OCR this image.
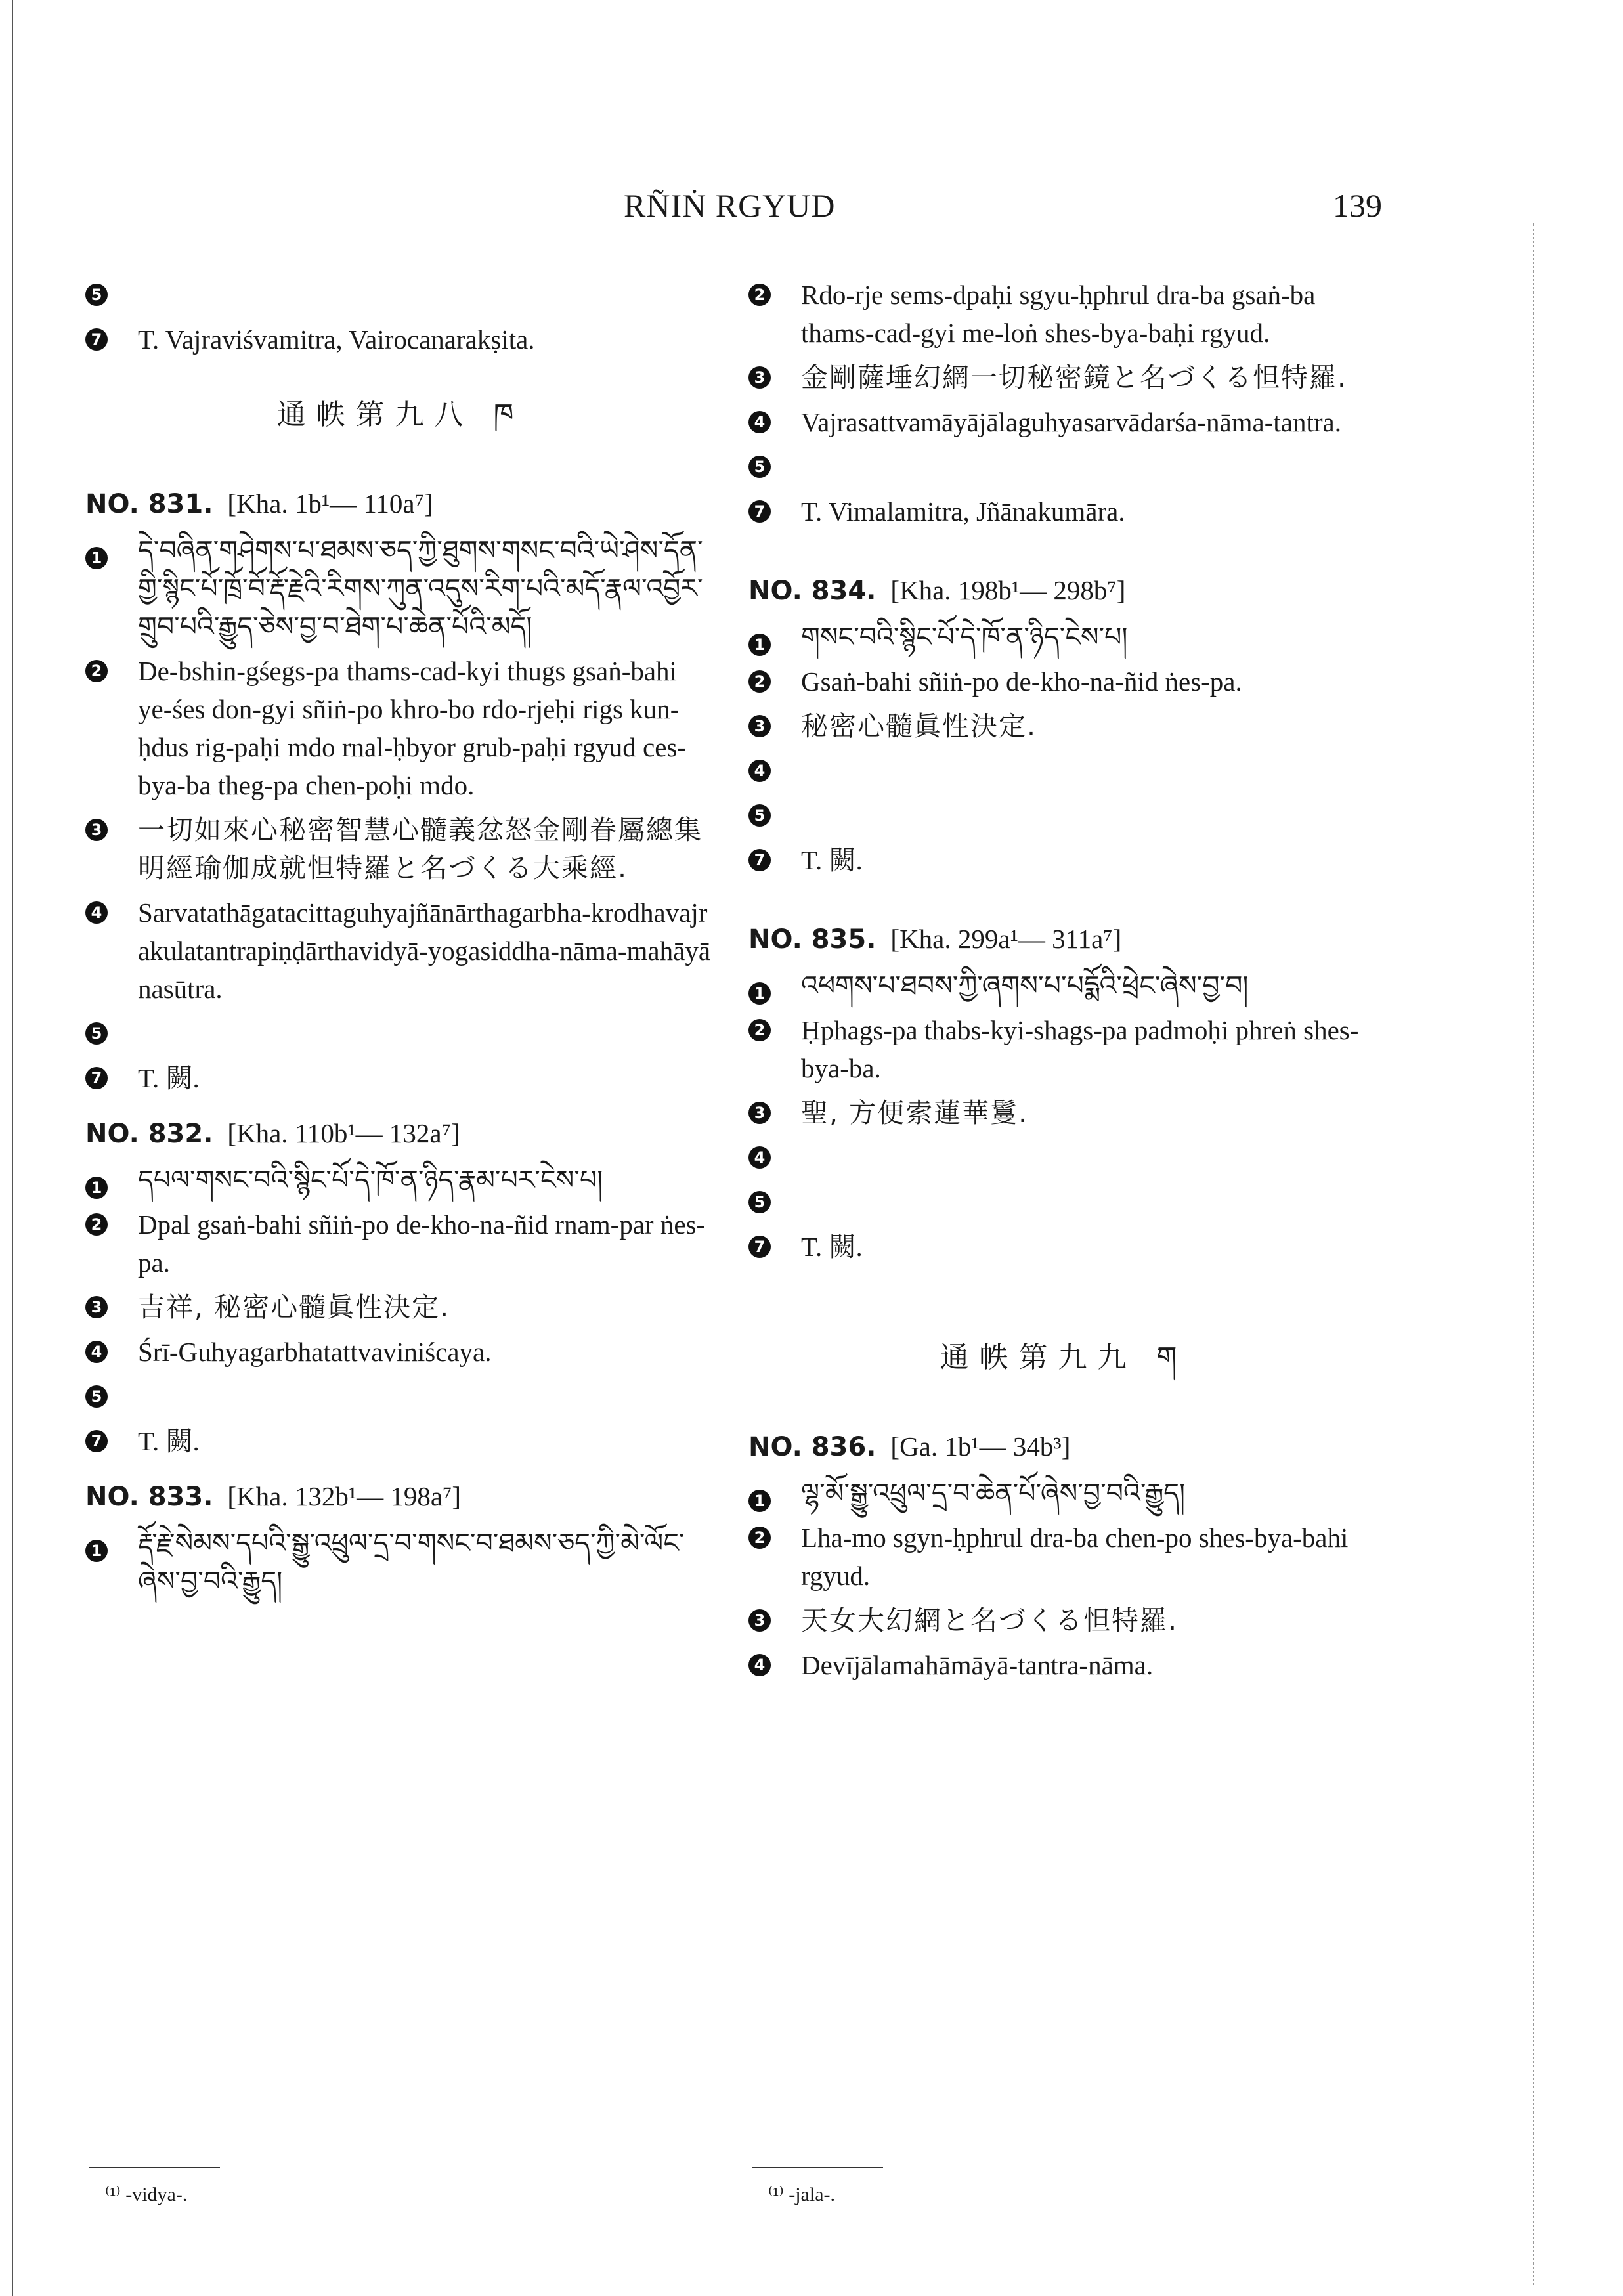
RÑIṄ RGYUD	139
5
7 T. Vajraviśvamitra, Vairocanarakṣita.
通帙第九八 ཁ
NO. 831. [Kha. 1b¹— 110a⁷]
1 དེ་བཞིན་གཤེགས་པ་ཐམས་ཅད་ཀྱི་ཐུགས་གསང་བའི་ཡེ་ཤེས་དོན་གྱི་སྙིང་པོ་ཁྲོ་བོ་རྡོ་རྗེའི་རིགས་ཀུན་འདུས་རིག་པའི་མདོ་རྣལ་འབྱོར་གྲུབ་པའི་རྒྱུད་ཅེས་བྱ་བ་ཐེག་པ་ཆེན་པོའི་མདོ།
2 De-bshin-gśegs-pa thams-cad-kyi thugs gsaṅ-bahi ye-śes don-gyi sñiṅ-po khro-bo rdo-rjeḥi rigs kun-ḥdus rig-paḥi mdo rnal-ḥbyor grub-paḥi rgyud ces-bya-ba theg-pa chen-poḥi mdo.
3 一切如來心秘密智慧心髓義忿怒金剛眷屬總集明經瑜伽成就怛特羅と名づくる大乘經.
4 Sarvatathāgatacittaguhyajñānārthagarbha-krodhavajrakulatantrapiṇḍārthavidyā-yogasiddha-nāma-mahāyānasūtra.
5
7 T. 闕.
NO. 832. [Kha. 110b¹— 132a⁷]
1 དཔལ་གསང་བའི་སྙིང་པོ་དེ་ཁོ་ན་ཉིད་རྣམ་པར་ངེས་པ།
2 Dpal gsaṅ-bahi sñiṅ-po de-kho-na-ñid rnam-par ṅes-pa.
3 吉祥, 秘密心髓眞性決定.
4 Śrī-Guhyagarbhatattvaviniścaya.
5
7 T. 闕.
NO. 833. [Kha. 132b¹— 198a⁷]
1 རྡོ་རྗེ་སེམས་དཔའི་སྒྱུ་འཕྲུལ་དྲ་བ་གསང་བ་ཐམས་ཅད་ཀྱི་མེ་ལོང་ཞེས་བྱ་བའི་རྒྱུད།
⁽¹⁾ -vidya-.
2 Rdo-rje sems-dpaḥi sgyu-ḥphrul dra-ba gsaṅ-ba thams-cad-gyi me-loṅ shes-bya-baḥi rgyud.
3 金剛薩埵幻網一切秘密鏡と名づくる怛特羅.
4 Vajrasattvamāyājālaguhyasarvādarśa-nāma-tantra.
5
7 T. Vimalamitra, Jñānakumāra.
NO. 834. [Kha. 198b¹— 298b⁷]
1 གསང་བའི་སྙིང་པོ་དེ་ཁོ་ན་ཉིད་ངེས་པ།
2 Gsaṅ-bahi sñiṅ-po de-kho-na-ñid ṅes-pa.
3 秘密心髓眞性決定.
4
5
7 T. 闕.
NO. 835. [Kha. 299a¹— 311a⁷]
1 འཕགས་པ་ཐབས་ཀྱི་ཞགས་པ་པདྨོའི་ཕྲེང་ཞེས་བྱ་བ།
2 Ḥphags-pa thabs-kyi-shags-pa padmoḥi phreṅ shes-bya-ba.
3 聖, 方便索蓮華鬘.
4
5
7 T. 闕.
通帙第九九 ག
NO. 836. [Ga. 1b¹— 34b³]
1 ལྷ་མོ་སྒྱུ་འཕྲུལ་དྲ་བ་ཆེན་པོ་ཞེས་བྱ་བའི་རྒྱུད།
2 Lha-mo sgyn-ḥphrul dra-ba chen-po shes-bya-bahi rgyud.
3 天女大幻網と名づくる怛特羅.
4 Devījālamahāmāyā-tantra-nāma.
⁽¹⁾ -jala-.
